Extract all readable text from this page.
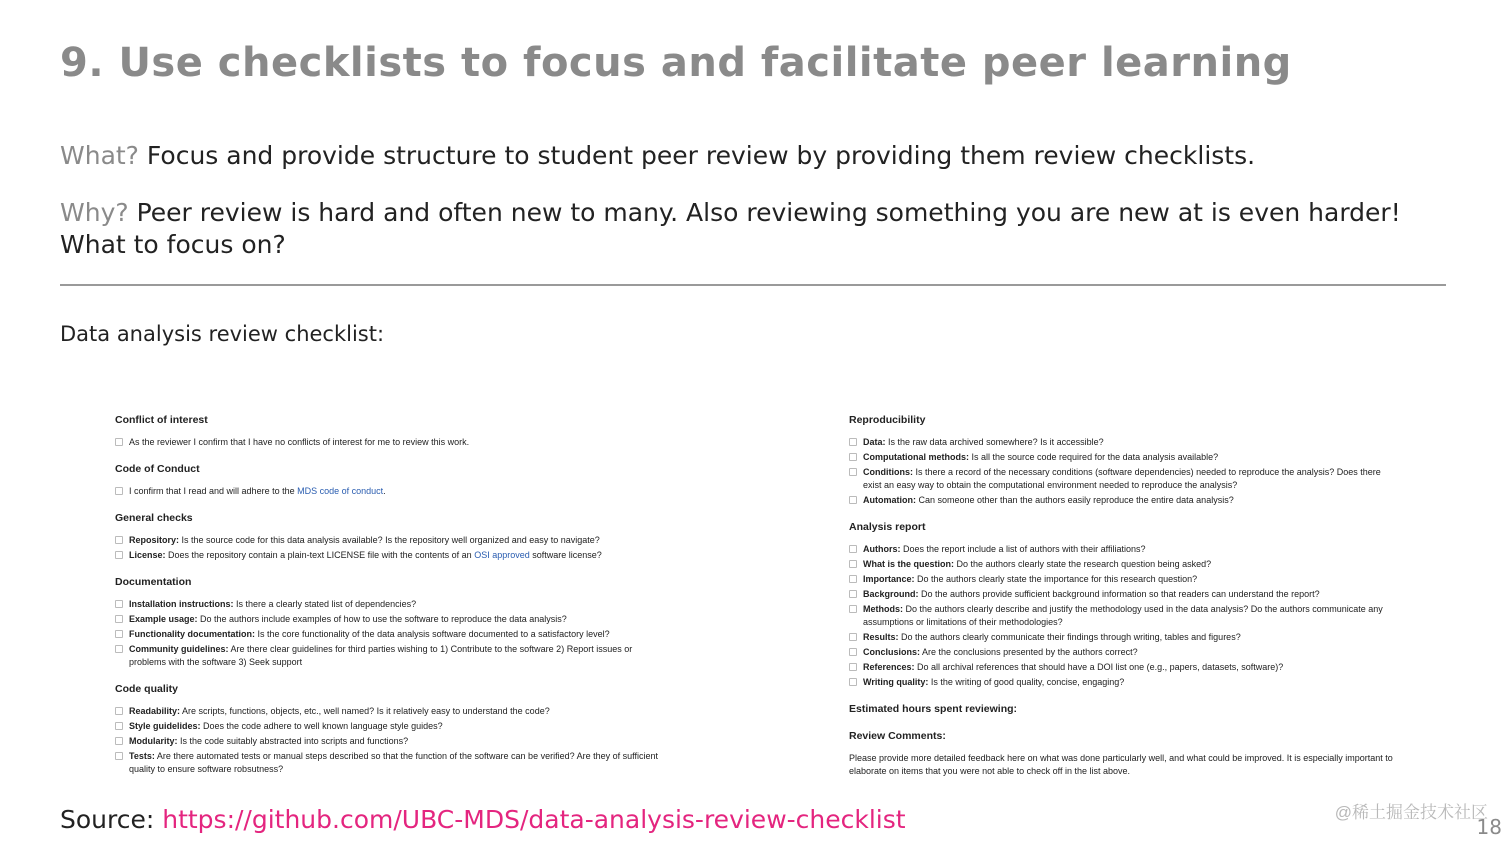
9. Use checklists to focus and facilitate peer learning
What? Focus and provide structure to student peer review by providing them review checklists.
Why? Peer review is hard and often new to many. Also reviewing something you are new at is even harder!
What to focus on?
Data analysis review checklist:
Conflict of interest
As the reviewer I confirm that I have no conflicts of interest for me to review this work.
Code of Conduct
I confirm that I read and will adhere to the MDS code of conduct.
General checks
Repository: Is the source code for this data analysis available? Is the repository well organized and easy to navigate?
License: Does the repository contain a plain-text LICENSE file with the contents of an OSI approved software license?
Documentation
Installation instructions: Is there a clearly stated list of dependencies?
Example usage: Do the authors include examples of how to use the software to reproduce the data analysis?
Functionality documentation: Is the core functionality of the data analysis software documented to a satisfactory level?
Community guidelines: Are there clear guidelines for third parties wishing to 1) Contribute to the software 2) Report issues or problems with the software 3) Seek support
Code quality
Readability: Are scripts, functions, objects, etc., well named? Is it relatively easy to understand the code?
Style guidelides: Does the code adhere to well known language style guides?
Modularity: Is the code suitably abstracted into scripts and functions?
Tests: Are there automated tests or manual steps described so that the function of the software can be verified? Are they of sufficient quality to ensure software robsutness?
Reproducibility
Data: Is the raw data archived somewhere? Is it accessible?
Computational methods: Is all the source code required for the data analysis available?
Conditions: Is there a record of the necessary conditions (software dependencies) needed to reproduce the analysis? Does there exist an easy way to obtain the computational environment needed to reproduce the analysis?
Automation: Can someone other than the authors easily reproduce the entire data analysis?
Analysis report
Authors: Does the report include a list of authors with their affiliations?
What is the question: Do the authors clearly state the research question being asked?
Importance: Do the authors clearly state the importance for this research question?
Background: Do the authors provide sufficient background information so that readers can understand the report?
Methods: Do the authors clearly describe and justify the methodology used in the data analysis? Do the authors communicate any assumptions or limitations of their methodologies?
Results: Do the authors clearly communicate their findings through writing, tables and figures?
Conclusions: Are the conclusions presented by the authors correct?
References: Do all archival references that should have a DOI list one (e.g., papers, datasets, software)?
Writing quality: Is the writing of good quality, concise, engaging?
Estimated hours spent reviewing:
Review Comments:

Please provide more detailed feedback here on what was done particularly well, and what could be improved. It is especially important to elaborate on items that you were not able to check off in the list above.

Source: https://github.com/UBC-MDS/data-analysis-review-checklist	@稀土掘金技术社区
18
